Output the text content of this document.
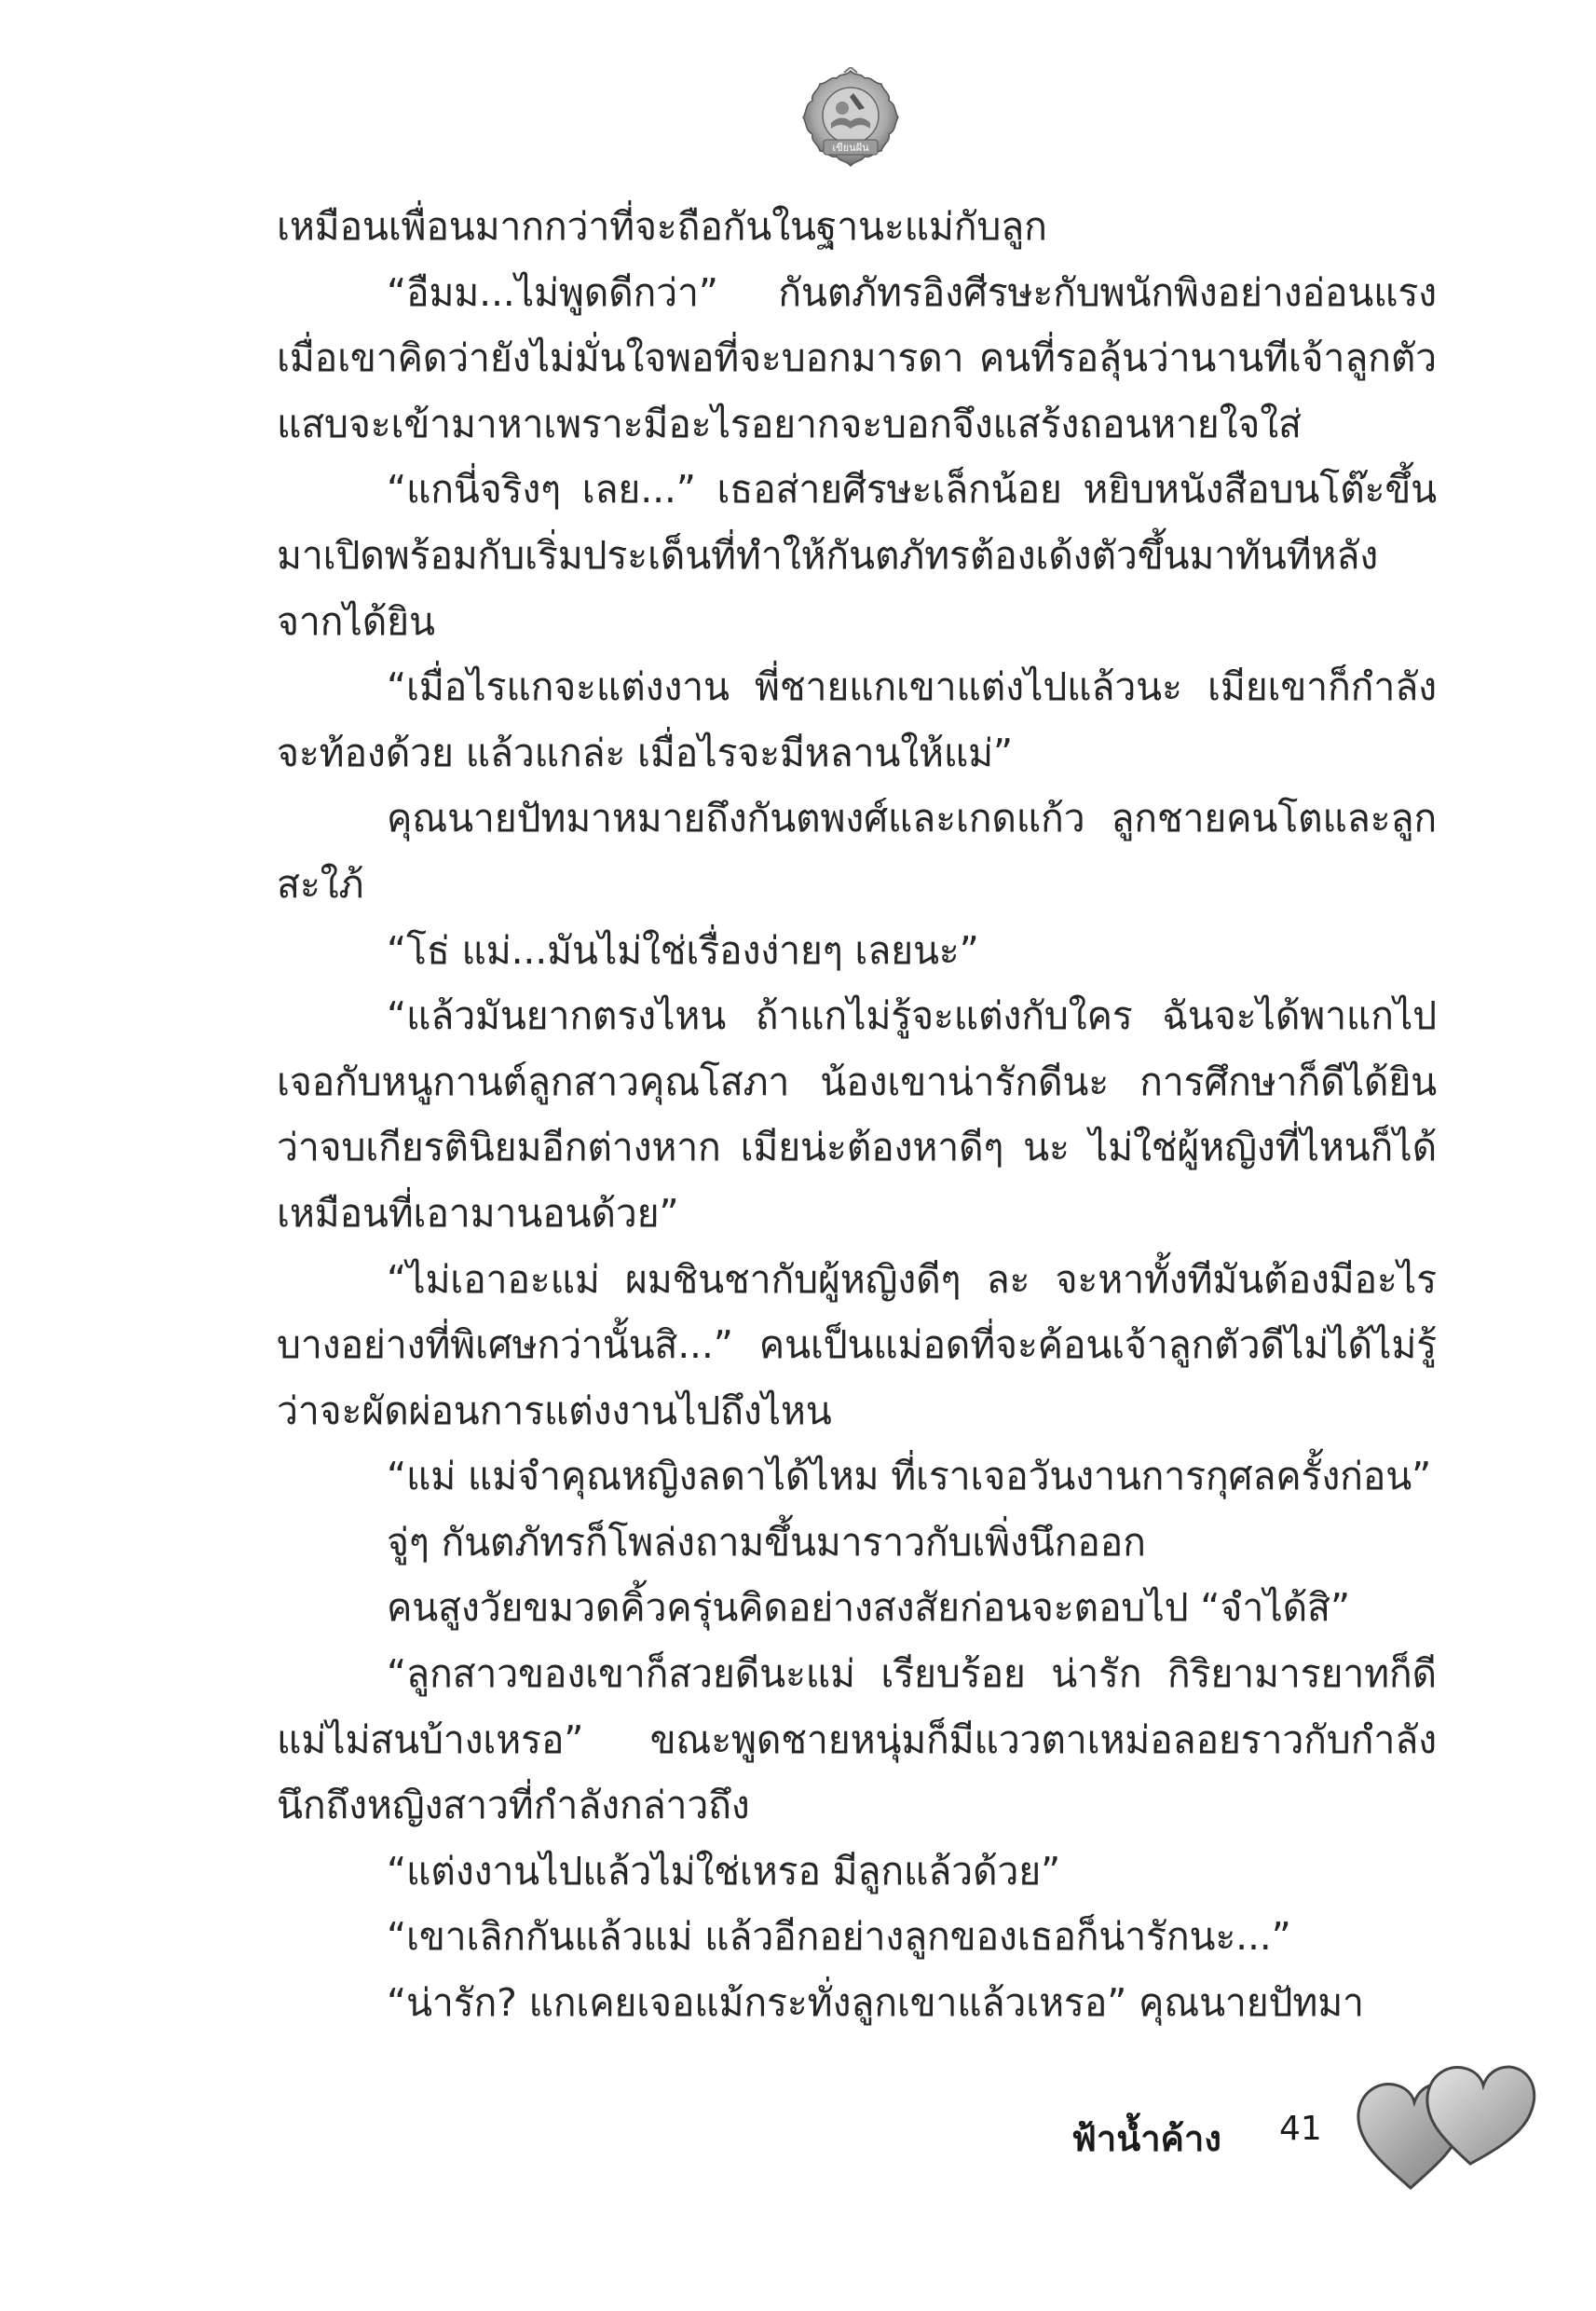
เขียนฝัน

เหมือนเพื่อนมากกว่าที่จะถือกันในฐานะแม่กับลูก

“อืมม...ไม่พูดดีกว่า” กันตภัทรอิงศีรษะกับพนักพิงอย่างอ่อนแรง เมื่อเขาคิดว่ายังไม่มั่นใจพอที่จะบอกมารดา คนที่รอลุ้นว่านานทีเจ้าลูกตัวแสบจะเข้ามาหาเพราะมีอะไรอยากจะบอกจึงแสร้งถอนหายใจใส่

“แกนี่จริงๆ เลย...” เธอส่ายศีรษะเล็กน้อย หยิบหนังสือบนโต๊ะขึ้นมาเปิดพร้อมกับเริ่มประเด็นที่ทำให้กันตภัทรต้องเด้งตัวขึ้นมาทันทีหลังจากได้ยิน

“เมื่อไรแกจะแต่งงาน พี่ชายแกเขาแต่งไปแล้วนะ เมียเขาก็กำลังจะท้องด้วย แล้วแกล่ะ เมื่อไรจะมีหลานให้แม่”

คุณนายปัทมาหมายถึงกันตพงศ์และเกดแก้ว ลูกชายคนโตและลูกสะใภ้

“โธ่ แม่...มันไม่ใช่เรื่องง่ายๆ เลยนะ”

“แล้วมันยากตรงไหน ถ้าแกไม่รู้จะแต่งกับใคร ฉันจะได้พาแกไปเจอกับหนูกานต์ลูกสาวคุณโสภา น้องเขาน่ารักดีนะ การศึกษาก็ดีได้ยินว่าจบเกียรตินิยมอีกต่างหาก เมียน่ะต้องหาดีๆ นะ ไม่ใช่ผู้หญิงที่ไหนก็ได้เหมือนที่เอามานอนด้วย”

“ไม่เอาอะแม่ ผมชินชากับผู้หญิงดีๆ ละ จะหาทั้งทีมันต้องมีอะไรบางอย่างที่พิเศษกว่านั้นสิ...” คนเป็นแม่อดที่จะค้อนเจ้าลูกตัวดีไม่ได้ไม่รู้ว่าจะผัดผ่อนการแต่งงานไปถึงไหน

“แม่ แม่จำคุณหญิงลดาได้ไหม ที่เราเจอวันงานการกุศลครั้งก่อน”

จู่ๆ กันตภัทรก็โพล่งถามขึ้นมาราวกับเพิ่งนึกออก

คนสูงวัยขมวดคิ้วครุ่นคิดอย่างสงสัยก่อนจะตอบไป “จำได้สิ”

“ลูกสาวของเขาก็สวยดีนะแม่ เรียบร้อย น่ารัก กิริยามารยาทก็ดีแม่ไม่สนบ้างเหรอ” ขณะพูดชายหนุ่มก็มีแววตาเหม่อลอยราวกับกำลังนึกถึงหญิงสาวที่กำลังกล่าวถึง

“แต่งงานไปแล้วไม่ใช่เหรอ มีลูกแล้วด้วย”

“เขาเลิกกันแล้วแม่ แล้วอีกอย่างลูกของเธอก็น่ารักนะ...”

“น่ารัก? แกเคยเจอแม้กระทั่งลูกเขาแล้วเหรอ” คุณนายปัทมา

ฟ้าน้ำค้าง 41
